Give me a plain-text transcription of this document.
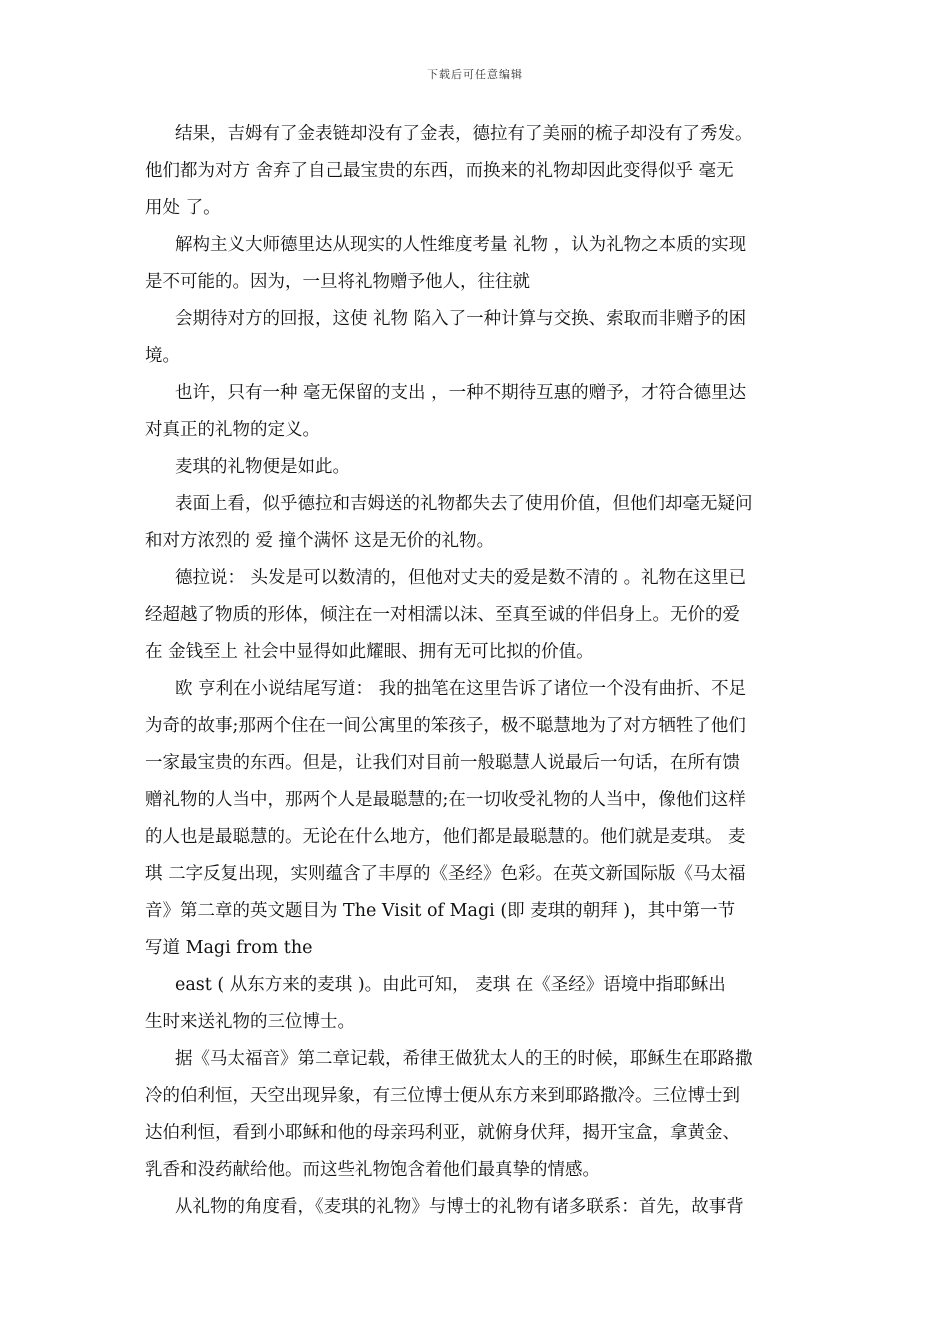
下载后可任意编辑
结果，吉姆有了金表链却没有了金表，德拉有了美丽的梳子却没有了秀发。
他们都为对方 舍弃了自己最宝贵的东西，而换来的礼物却因此变得似乎 毫无
用处 了。
解构主义大师德里达从现实的人性维度考量 礼物 ，认为礼物之本质的实现
是不可能的。因为，一旦将礼物赠予他人，往往就
会期待对方的回报，这使 礼物 陷入了一种计算与交换、索取而非赠予的困
境。
也许，只有一种 毫无保留的支出 ，一种不期待互惠的赠予，才符合德里达
对真正的礼物的定义。
麦琪的礼物便是如此。
表面上看，似乎德拉和吉姆送的礼物都失去了使用价值，但他们却毫无疑问
和对方浓烈的 爱 撞个满怀 这是无价的礼物。
德拉说： 头发是可以数清的，但他对丈夫的爱是数不清的 。礼物在这里已
经超越了物质的形体，倾注在一对相濡以沫、至真至诚的伴侣身上。无价的爱
在 金钱至上 社会中显得如此耀眼、拥有无可比拟的价值。
欧 亨利在小说结尾写道： 我的拙笔在这里告诉了诸位一个没有曲折、不足
为奇的故事;那两个住在一间公寓里的笨孩子，极不聪慧地为了对方牺牲了他们
一家最宝贵的东西。但是，让我们对目前一般聪慧人说最后一句话，在所有馈
赠礼物的人当中，那两个人是最聪慧的;在一切收受礼物的人当中，像他们这样
的人也是最聪慧的。无论在什么地方，他们都是最聪慧的。他们就是麦琪。 麦
琪 二字反复出现，实则蕴含了丰厚的《圣经》色彩。在英文新国际版《马太福
音》第二章的英文题目为 The Visit of Magi (即 麦琪的朝拜 )，其中第一节
写道 Magi from the
east ( 从东方来的麦琪 )。由此可知， 麦琪 在《圣经》语境中指耶稣出
生时来送礼物的三位博士。
据《马太福音》第二章记载，希律王做犹太人的王的时候，耶稣生在耶路撒
冷的伯利恒，天空出现异象，有三位博士便从东方来到耶路撒冷。三位博士到
达伯利恒，看到小耶稣和他的母亲玛利亚，就俯身伏拜，揭开宝盒，拿黄金、
乳香和没药献给他。而这些礼物饱含着他们最真挚的情感。
从礼物的角度看，《麦琪的礼物》与博士的礼物有诸多联系：首先，故事背
